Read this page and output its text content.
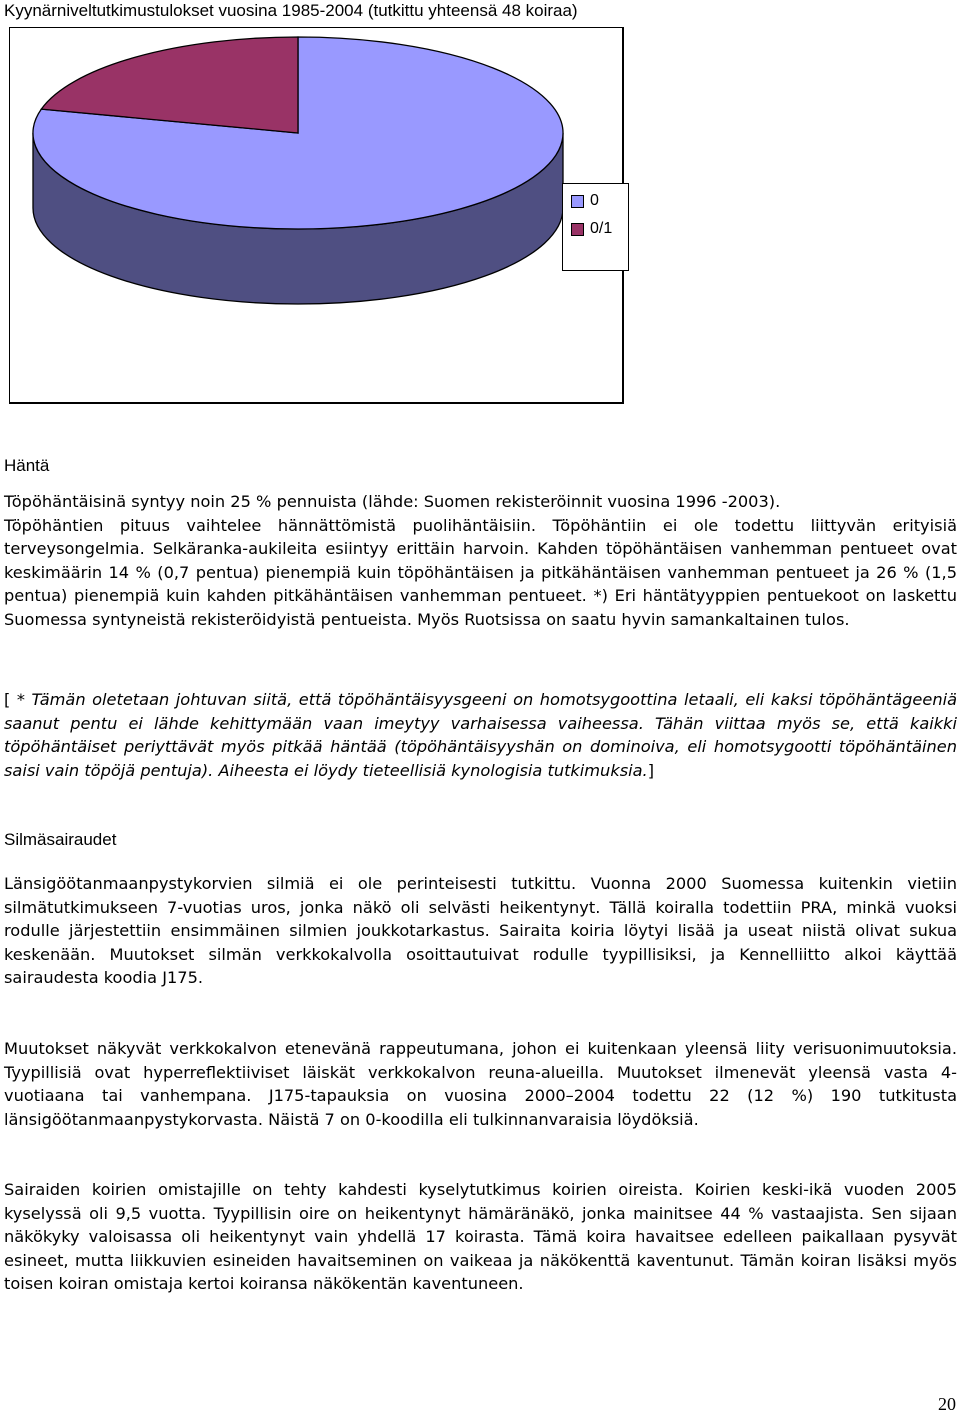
Kyynärniveltutkimustulokset vuosina 1985-2004 (tutkittu yhteensä 48 koiraa)
0
0/1
Häntä

Töpöhäntäisinä syntyy noin 25 % pennuista (lähde: Suomen rekisteröinnit vuosina 1996 -2003).
Töpöhäntien pituus vaihtelee hännättömistä puolihäntäisiin. Töpöhäntiin ei ole todettu liittyvän erityisiä terveysongelmia. Selkäranka-aukileita esiintyy erittäin harvoin. Kahden töpöhäntäisen vanhemman pentueet ovat keskimäärin 14 % (0,7 pentua) pienempiä kuin töpöhäntäisen ja pitkähäntäisen vanhemman pentueet ja 26 % (1,5 pentua) pienempiä kuin kahden pitkähäntäisen vanhemman pentueet. *) Eri häntätyyppien pentuekoot on laskettu Suomessa syntyneistä rekisteröidyistä pentueista. Myös Ruotsissa on saatu hyvin samankaltainen tulos.

[ * Tämän oletetaan johtuvan siitä, että töpöhäntäisyysgeeni on homotsygoottina letaali, eli kaksi töpöhäntägeeniä saanut pentu ei lähde kehittymään vaan imeytyy varhaisessa vaiheessa. Tähän viittaa myös se, että kaikki töpöhäntäiset periyttävät myös pitkää häntää (töpöhäntäisyyshän on dominoiva, eli homotsygootti töpöhäntäinen saisi vain töpöjä pentuja). Aiheesta ei löydy tieteellisiä kynologisia tutkimuksia.]

Silmäsairaudet

Länsigöötanmaanpystykorvien silmiä ei ole perinteisesti tutkittu. Vuonna 2000 Suomessa kuitenkin vietiin silmätutkimukseen 7-vuotias uros, jonka näkö oli selvästi heikentynyt. Tällä koiralla todettiin PRA, minkä vuoksi rodulle järjestettiin ensimmäinen silmien joukkotarkastus. Sairaita koiria löytyi lisää ja useat niistä olivat sukua keskenään. Muutokset silmän verkkokalvolla osoittautuivat rodulle tyypillisiksi, ja Kennelliitto alkoi käyttää sairaudesta koodia J175.

Muutokset näkyvät verkkokalvon etenevänä rappeutumana, johon ei kuitenkaan yleensä liity verisuonimuutoksia. Tyypillisiä ovat hyperreflektiiviset läiskät verkkokalvon reuna-alueilla. Muutokset ilmenevät yleensä vasta 4-vuotiaana tai vanhempana. J175-tapauksia on vuosina 2000–2004 todettu 22 (12 %) 190 tutkitusta länsigöötanmaanpystykorvasta. Näistä 7 on 0-koodilla eli tulkinnanvaraisia löydöksiä.

Sairaiden koirien omistajille on tehty kahdesti kyselytutkimus koirien oireista. Koirien keski-ikä vuoden 2005 kyselyssä oli 9,5 vuotta. Tyypillisin oire on heikentynyt hämäränäkö, jonka mainitsee 44 % vastaajista. Sen sijaan näkökyky valoisassa oli heikentynyt vain yhdellä 17 koirasta. Tämä koira havaitsee edelleen paikallaan pysyvät esineet, mutta liikkuvien esineiden havaitseminen on vaikeaa ja näkökenttä kaventunut. Tämän koiran lisäksi myös toisen koiran omistaja kertoi koiransa näkökentän kaventuneen.

20
